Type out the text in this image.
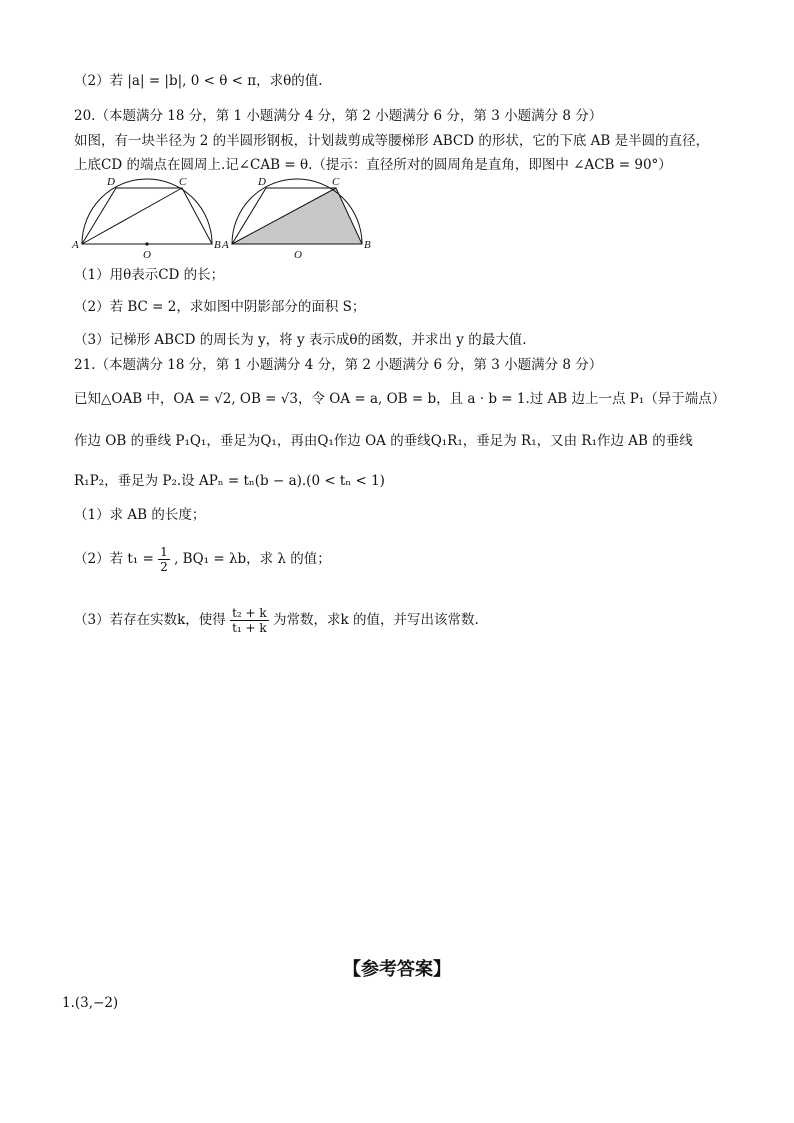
（2）若 |a| = |b|, 0 < θ < π，求θ的值.
20.（本题满分 18 分，第 1 小题满分 4 分，第 2 小题满分 6 分，第 3 小题满分 8 分）
如图，有一块半径为 2 的半圆形钢板，计划裁剪成等腰梯形 ABCD 的形状，它的下底 AB 是半圆的直径，
上底CD 的端点在圆周上.记∠CAB = θ.（提示：直径所对的圆周角是直角，即图中 ∠ACB = 90°）
A	B
C
D
O
A	B
C
D
O
（1）用θ表示CD 的长；
（2）若 BC = 2，求如图中阴影部分的面积 S；
（3）记梯形 ABCD 的周长为 y，将 y 表示成θ的函数，并求出 y 的最大值.
21.（本题满分 18 分，第 1 小题满分 4 分，第 2 小题满分 6 分，第 3 小题满分 8 分）
已知△OAB 中，OA = √2, OB = √3，令 OA = a, OB = b，且 a · b = 1.过 AB 边上一点 P₁（异于端点）
作边 OB 的垂线 P₁Q₁，垂足为Q₁，再由Q₁作边 OA 的垂线Q₁R₁，垂足为 R₁，又由 R₁作边 AB 的垂线
R₁P₂，垂足为 P₂.设 APₙ = tₙ(b − a).(0 < tₙ < 1)
（1）求 AB 的长度；
（2）若 $t_1 = \frac{1}{2}$ , BQ₁ = λb，求 λ 的值；
（3）若存在实数k，使得 $\frac{\text{t₂ + k}}{\text{t₁ + k}}$ 为常数，求k 的值，并写出该常数.
【参考答案】
1.(3,−2)
